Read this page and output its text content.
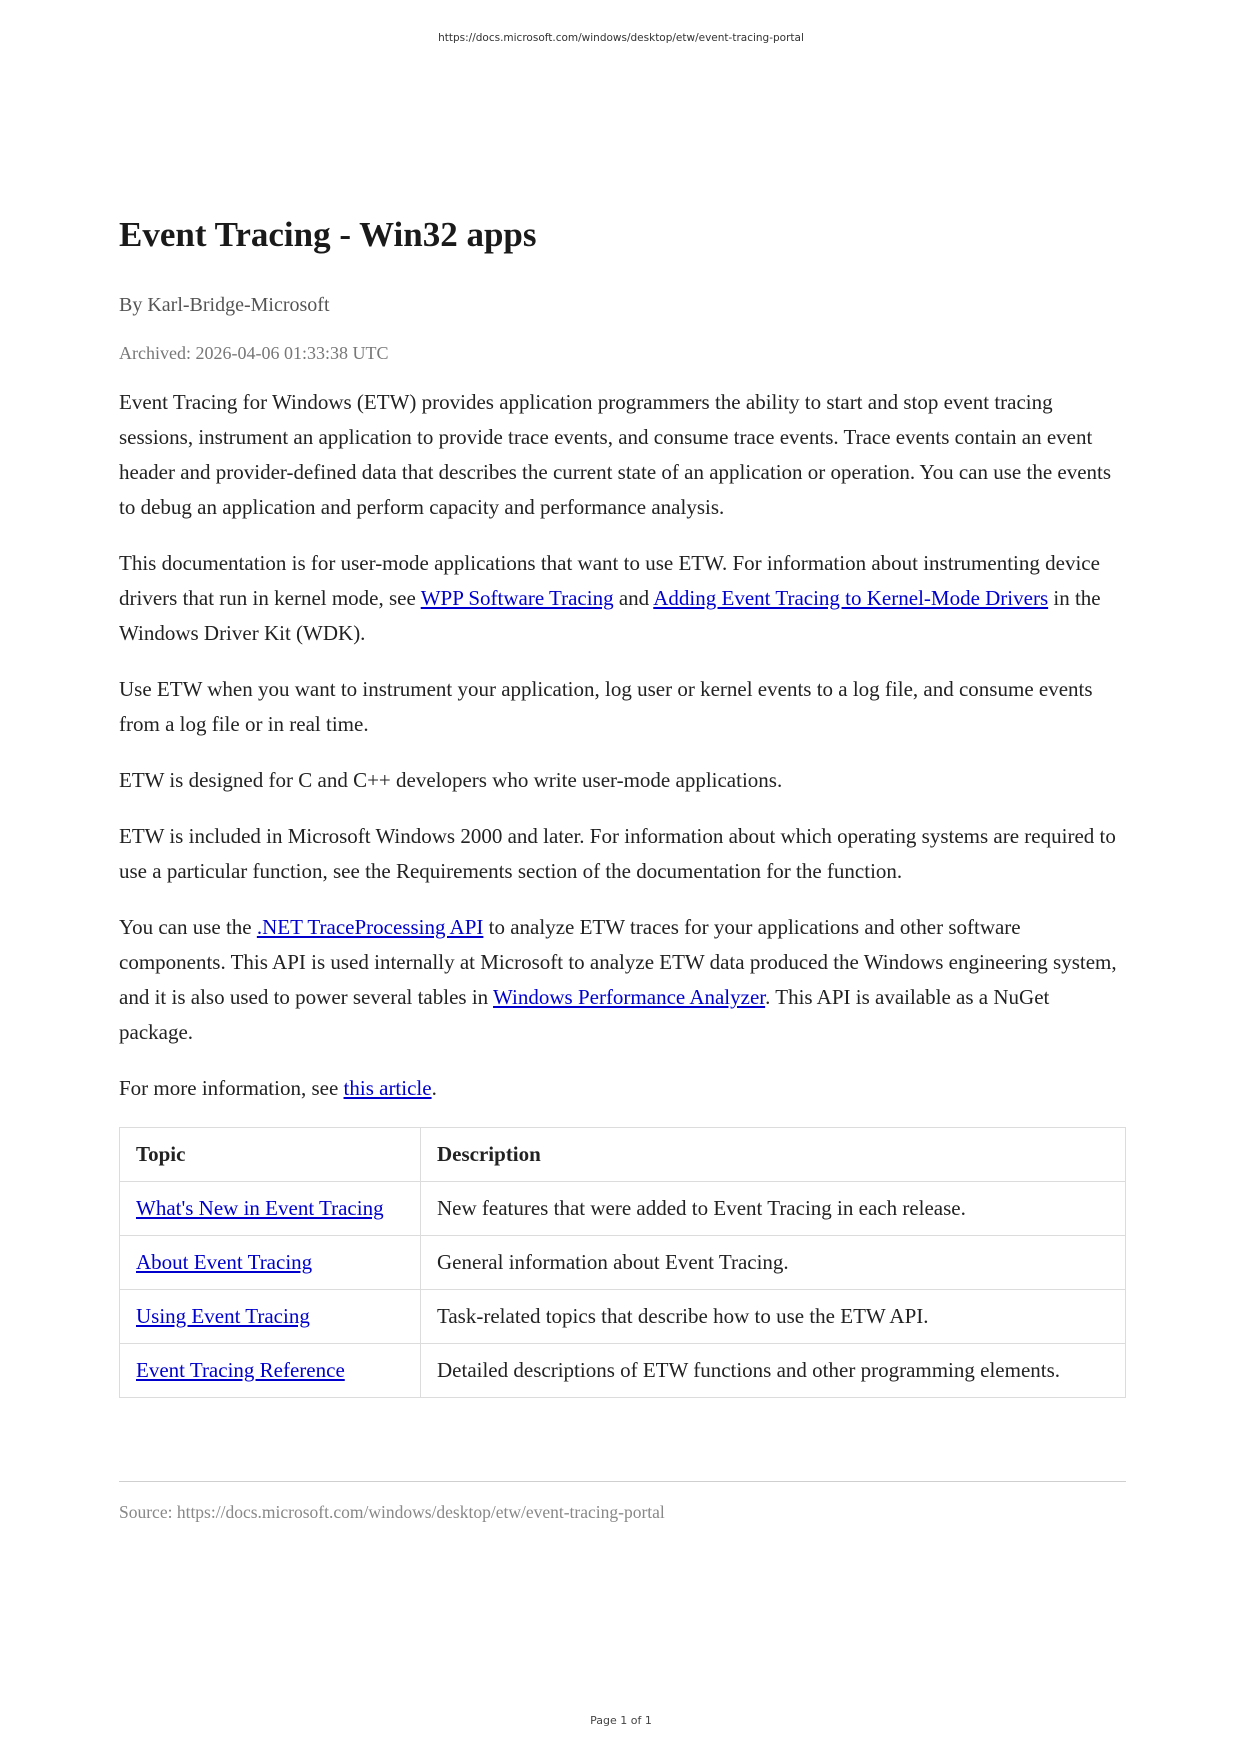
https://docs.microsoft.com/windows/desktop/etw/event-tracing-portal
Event Tracing - Win32 apps
By Karl-Bridge-Microsoft
Archived: 2026-04-06 01:33:38 UTC

Event Tracing for Windows (ETW) provides application programmers the ability to start and stop event tracing sessions, instrument an application to provide trace events, and consume trace events. Trace events contain an event header and provider-defined data that describes the current state of an application or operation. You can use the events to debug an application and perform capacity and performance analysis.

This documentation is for user-mode applications that want to use ETW. For information about instrumenting device drivers that run in kernel mode, see WPP Software Tracing and Adding Event Tracing to Kernel-Mode Drivers in the Windows Driver Kit (WDK).

Use ETW when you want to instrument your application, log user or kernel events to a log file, and consume events from a log file or in real time.

ETW is designed for C and C++ developers who write user-mode applications.

ETW is included in Microsoft Windows 2000 and later. For information about which operating systems are required to use a particular function, see the Requirements section of the documentation for the function.

You can use the .NET TraceProcessing API to analyze ETW traces for your applications and other software components. This API is used internally at Microsoft to analyze ETW data produced the Windows engineering system, and it is also used to power several tables in Windows Performance Analyzer. This API is available as a NuGet package.

For more information, see this article.

Topic	Description
What's New in Event Tracing	New features that were added to Event Tracing in each release.
About Event Tracing	General information about Event Tracing.
Using Event Tracing	Task-related topics that describe how to use the ETW API.
Event Tracing Reference	Detailed descriptions of ETW functions and other programming elements.
Source: https://docs.microsoft.com/windows/desktop/etw/event-tracing-portal
Page 1 of 1
